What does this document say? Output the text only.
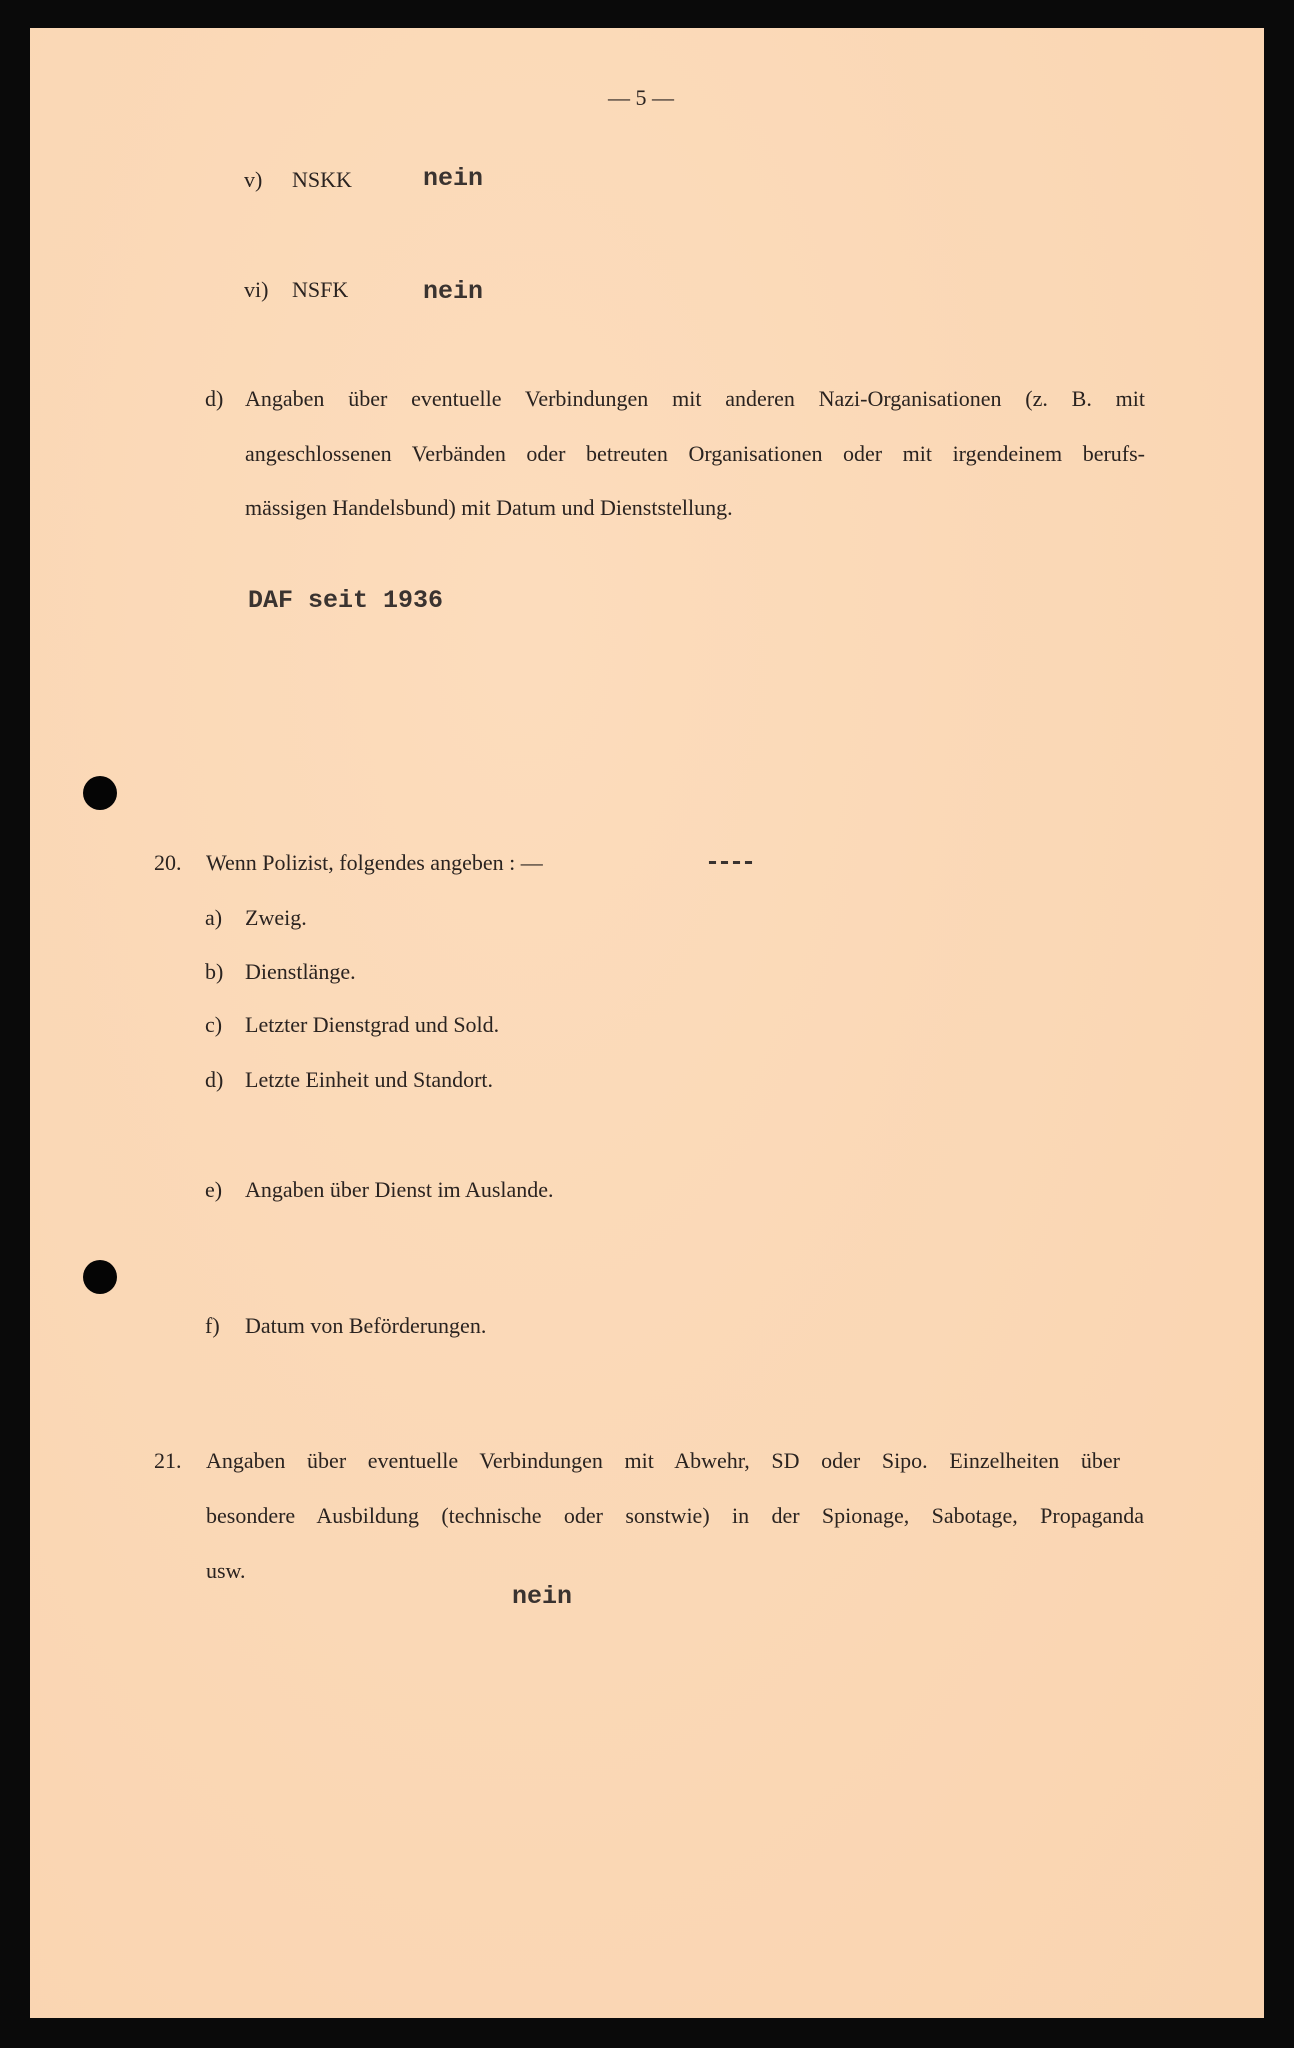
— 5 —
v) NSKK	nein
vi) NSFK	nein
d) Angaben über eventuelle Verbindungen mit anderen Nazi-Organisationen (z. B. mit
angeschlossenen Verbänden oder betreuten Organisationen oder mit irgendeinem berufs-
mässigen Handelsbund) mit Datum und Dienststellung.
DAF seit 1936
20. Wenn Polizist, folgendes angeben : —	----
a) Zweig.
b) Dienstlänge.
c) Letzter Dienstgrad und Sold.
d) Letzte Einheit und Standort.
e) Angaben über Dienst im Auslande.
f) Datum von Beförderungen.
21. Angaben über eventuelle Verbindungen mit Abwehr, SD oder Sipo. Einzelheiten über
besondere Ausbildung (technische oder sonstwie) in der Spionage, Sabotage, Propaganda
usw.
nein
